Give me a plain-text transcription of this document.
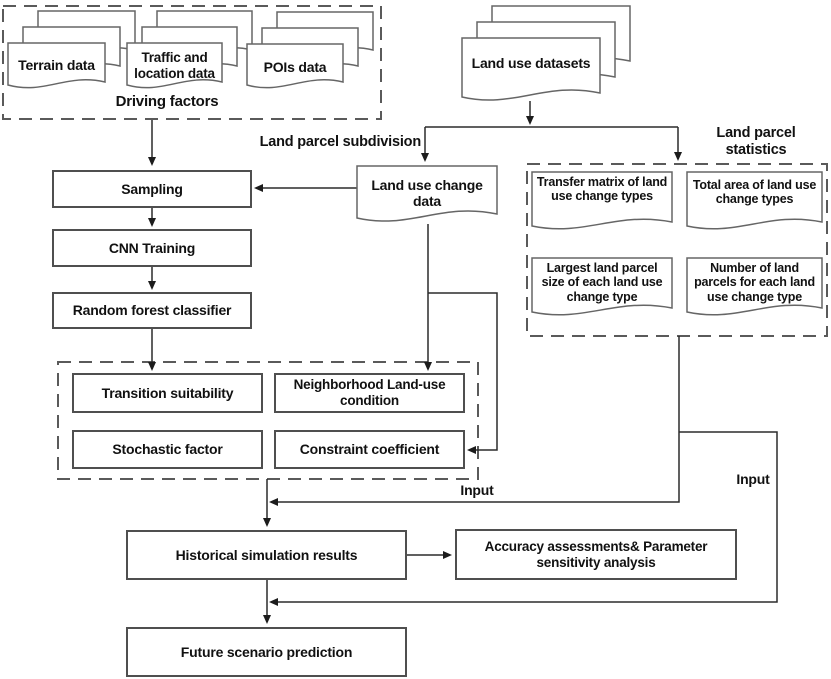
Terrain data	Traffic and location data	POIs data
Driving factors
Land use datasets
Land use change data
Land parcel subdivision
Land parcel statistics
Sampling
CNN Training
Random forest classifier
Transfer matrix of land use change types
Total area of land use change types
Largest land parcel size of each land use change type
Number of land parcels for each land use change type
Transition suitability	Neighborhood Land-use condition
Stochastic factor	Constraint coefficient
Input
Input
Historical simulation results
Accuracy assessments& Parameter sensitivity analysis
Future scenario prediction
